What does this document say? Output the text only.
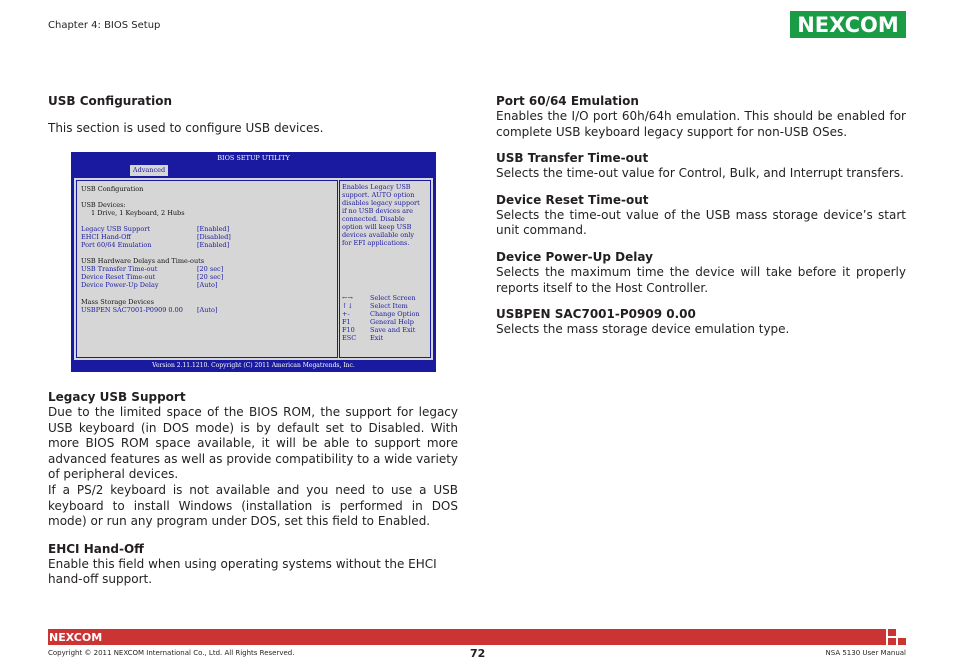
Chapter 4: BIOS Setup	NEXCOM

USB Configuration

This section is used to configure USB devices.

BIOS SETUP UTILITY
Advanced
USB Configuration
USB Devices:
1 Drive, 1 Keyboard, 2 Hubs
Legacy USB Support	[Enabled]
EHCI Hand-Off	[Disabled]
Port 60/64 Emulation	[Enabled]
USB Hardware Delays and Time-outs
USB Transfer Time-out	[20 sec]
Device Reset Time-out	[20 sec]
Device Power-Up Delay	[Auto]
Mass Storage Devices
USBPEN SAC7001-P0909 0.00 [Auto]
Enables Legacy USB
support. AUTO option
disables legacy support
if no USB devices are
connected. Disable
option will keep USB
devices available only
for EFI applications.
←→	Select Screen
↑↓	Select Item
+-	Change Option
F1	General Help
F10 Save and Exit
ESC Exit
Version 2.11.1210. Copyright (C) 2011 American Megatrends, Inc.

Legacy USB Support

Due to the limited space of the BIOS ROM, the support for legacy USB keyboard (in DOS mode) is by default set to Disabled. With more BIOS ROM space available, it will be able to support more advanced features as well as provide compatibility to a wide variety of peripheral devices.

If a PS/2 keyboard is not available and you need to use a USB keyboard to install Windows (installation is performed in DOS mode) or run any program under DOS, set this field to Enabled.

EHCI Hand-Off

Enable this field when using operating systems without the EHCI hand-off support.

Port 60/64 Emulation

Enables the I/O port 60h/64h emulation. This should be enabled for complete USB keyboard legacy support for non-USB OSes.

USB Transfer Time-out

Selects the time-out value for Control, Bulk, and Interrupt transfers.

Device Reset Time-out

Selects the time-out value of the USB mass storage device’s start unit command.

Device Power-Up Delay

Selects the maximum time the device will take before it properly reports itself to the Host Controller.

USBPEN SAC7001-P0909 0.00

Selects the mass storage device emulation type.

NEXCOM
Copyright © 2011 NEXCOM International Co., Ltd. All Rights Reserved.	72	NSA 5130 User Manual
